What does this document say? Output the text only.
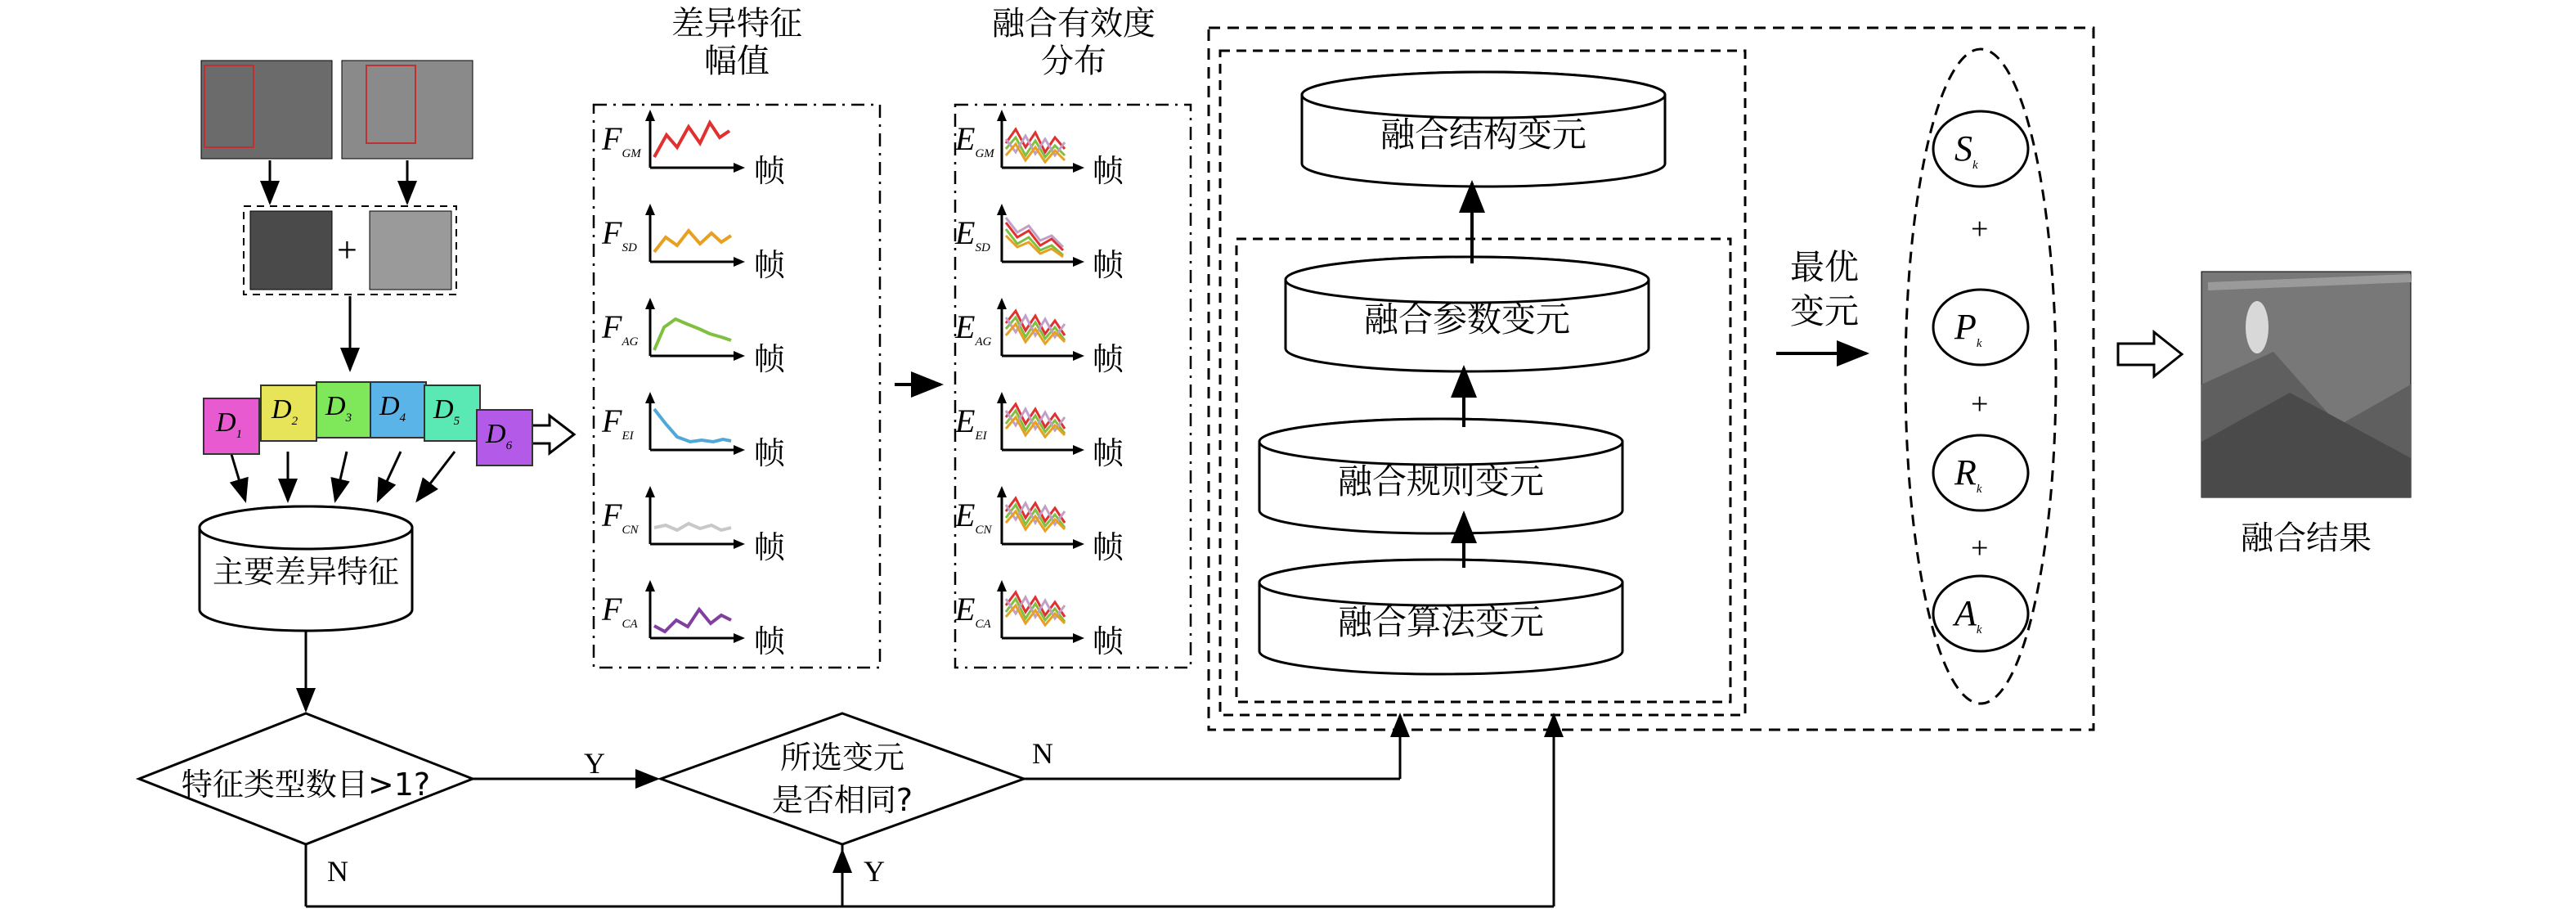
差异特征
幅值
融合有效度
分布
+
$D_1$
$D_2$ $D_3$ $D_4$ $D_5$ $D_6$
主要差异特征
融合结构变元
融合参数变元
融合规则变元
融合算法变元
特征类型数目>1?
所选变元
是否相同?
Y
N
N
Y
$F_{GM}$
$F_{SD}$
$F_{AG}$
$F_{EI}$
$F_{CN}$
$F_{CA}$
帧
帧
帧
帧
帧
帧
$E_{GM}$
$E_{SD}$
$E_{AG}$
$E_{EI}$
$E_{CN}$
$E_{CA}$
帧
帧
帧
帧
帧
帧
最优
变元
$S_k$
$P_k$
$R_k$
$A_k$
+
+
+	融合结果
